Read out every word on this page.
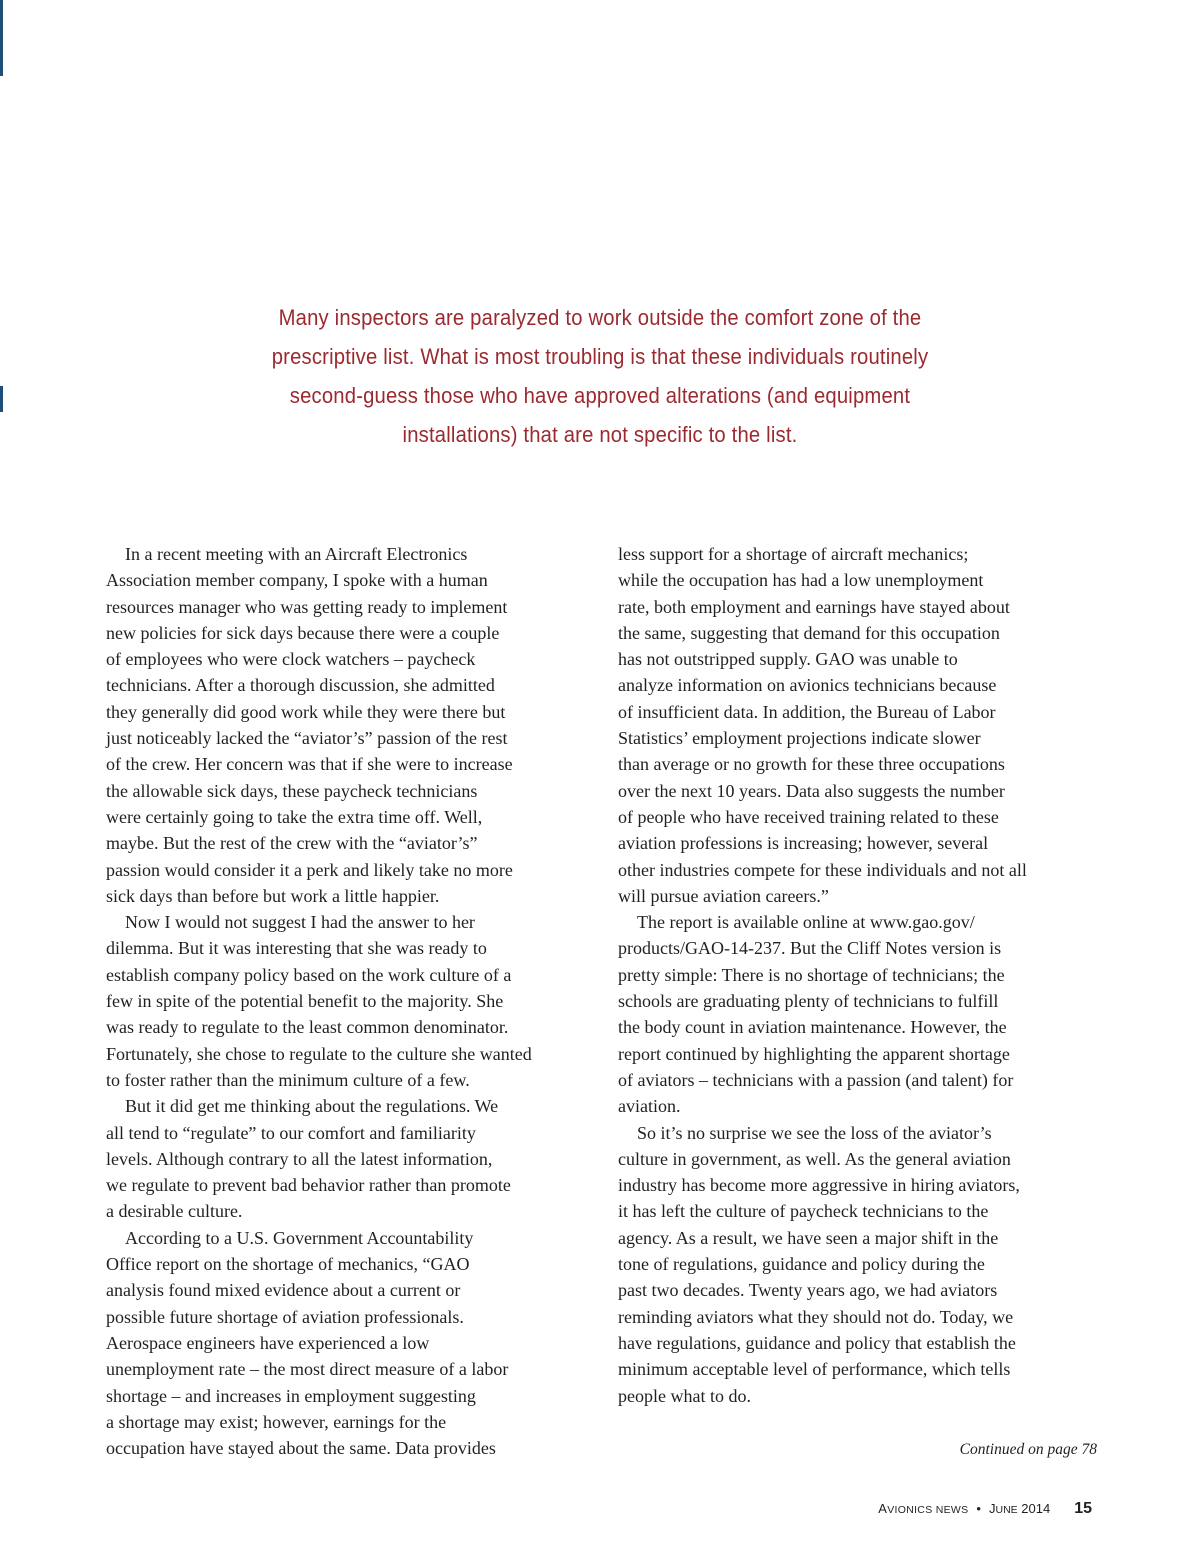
Many inspectors are paralyzed to work outside the comfort zone of the
prescriptive list. What is most troubling is that these individuals routinely
second-guess those who have approved alterations (and equipment
installations) that are not specific to the list.

In a recent meeting with an Aircraft Electronics
Association member company, I spoke with a human
resources manager who was getting ready to implement
new policies for sick days because there were a couple
of employees who were clock watchers – paycheck
technicians. After a thorough discussion, she admitted
they generally did good work while they were there but
just noticeably lacked the “aviator’s” passion of the rest
of the crew. Her concern was that if she were to increase
the allowable sick days, these paycheck technicians
were certainly going to take the extra time off. Well,
maybe. But the rest of the crew with the “aviator’s”
passion would consider it a perk and likely take no more
sick days than before but work a little happier.
Now I would not suggest I had the answer to her
dilemma. But it was interesting that she was ready to
establish company policy based on the work culture of a
few in spite of the potential benefit to the majority. She
was ready to regulate to the least common denominator.
Fortunately, she chose to regulate to the culture she wanted
to foster rather than the minimum culture of a few.
But it did get me thinking about the regulations. We
all tend to “regulate” to our comfort and familiarity
levels. Although contrary to all the latest information,
we regulate to prevent bad behavior rather than promote
a desirable culture.
According to a U.S. Government Accountability
Office report on the shortage of mechanics, “GAO
analysis found mixed evidence about a current or
possible future shortage of aviation professionals.
Aerospace engineers have experienced a low
unemployment rate – the most direct measure of a labor
shortage – and increases in employment suggesting
a shortage may exist; however, earnings for the
occupation have stayed about the same. Data provides
less support for a shortage of aircraft mechanics;
while the occupation has had a low unemployment
rate, both employment and earnings have stayed about
the same, suggesting that demand for this occupation
has not outstripped supply. GAO was unable to
analyze information on avionics technicians because
of insufficient data. In addition, the Bureau of Labor
Statistics’ employment projections indicate slower
than average or no growth for these three occupations
over the next 10 years. Data also suggests the number
of people who have received training related to these
aviation professions is increasing; however, several
other industries compete for these individuals and not all
will pursue aviation careers.”
The report is available online at www.gao.gov/
products/GAO-14-237. But the Cliff Notes version is
pretty simple: There is no shortage of technicians; the
schools are graduating plenty of technicians to fulfill
the body count in aviation maintenance. However, the
report continued by highlighting the apparent shortage
of aviators – technicians with a passion (and talent) for
aviation.
So it’s no surprise we see the loss of the aviator’s
culture in government, as well. As the general aviation
industry has become more aggressive in hiring aviators,
it has left the culture of paycheck technicians to the
agency. As a result, we have seen a major shift in the
tone of regulations, guidance and policy during the
past two decades. Twenty years ago, we had aviators
reminding aviators what they should not do. Today, we
have regulations, guidance and policy that establish the
minimum acceptable level of performance, which tells
people what to do.

Continued on page 78

AVIONICS NEWS • JUNE 2014 15
